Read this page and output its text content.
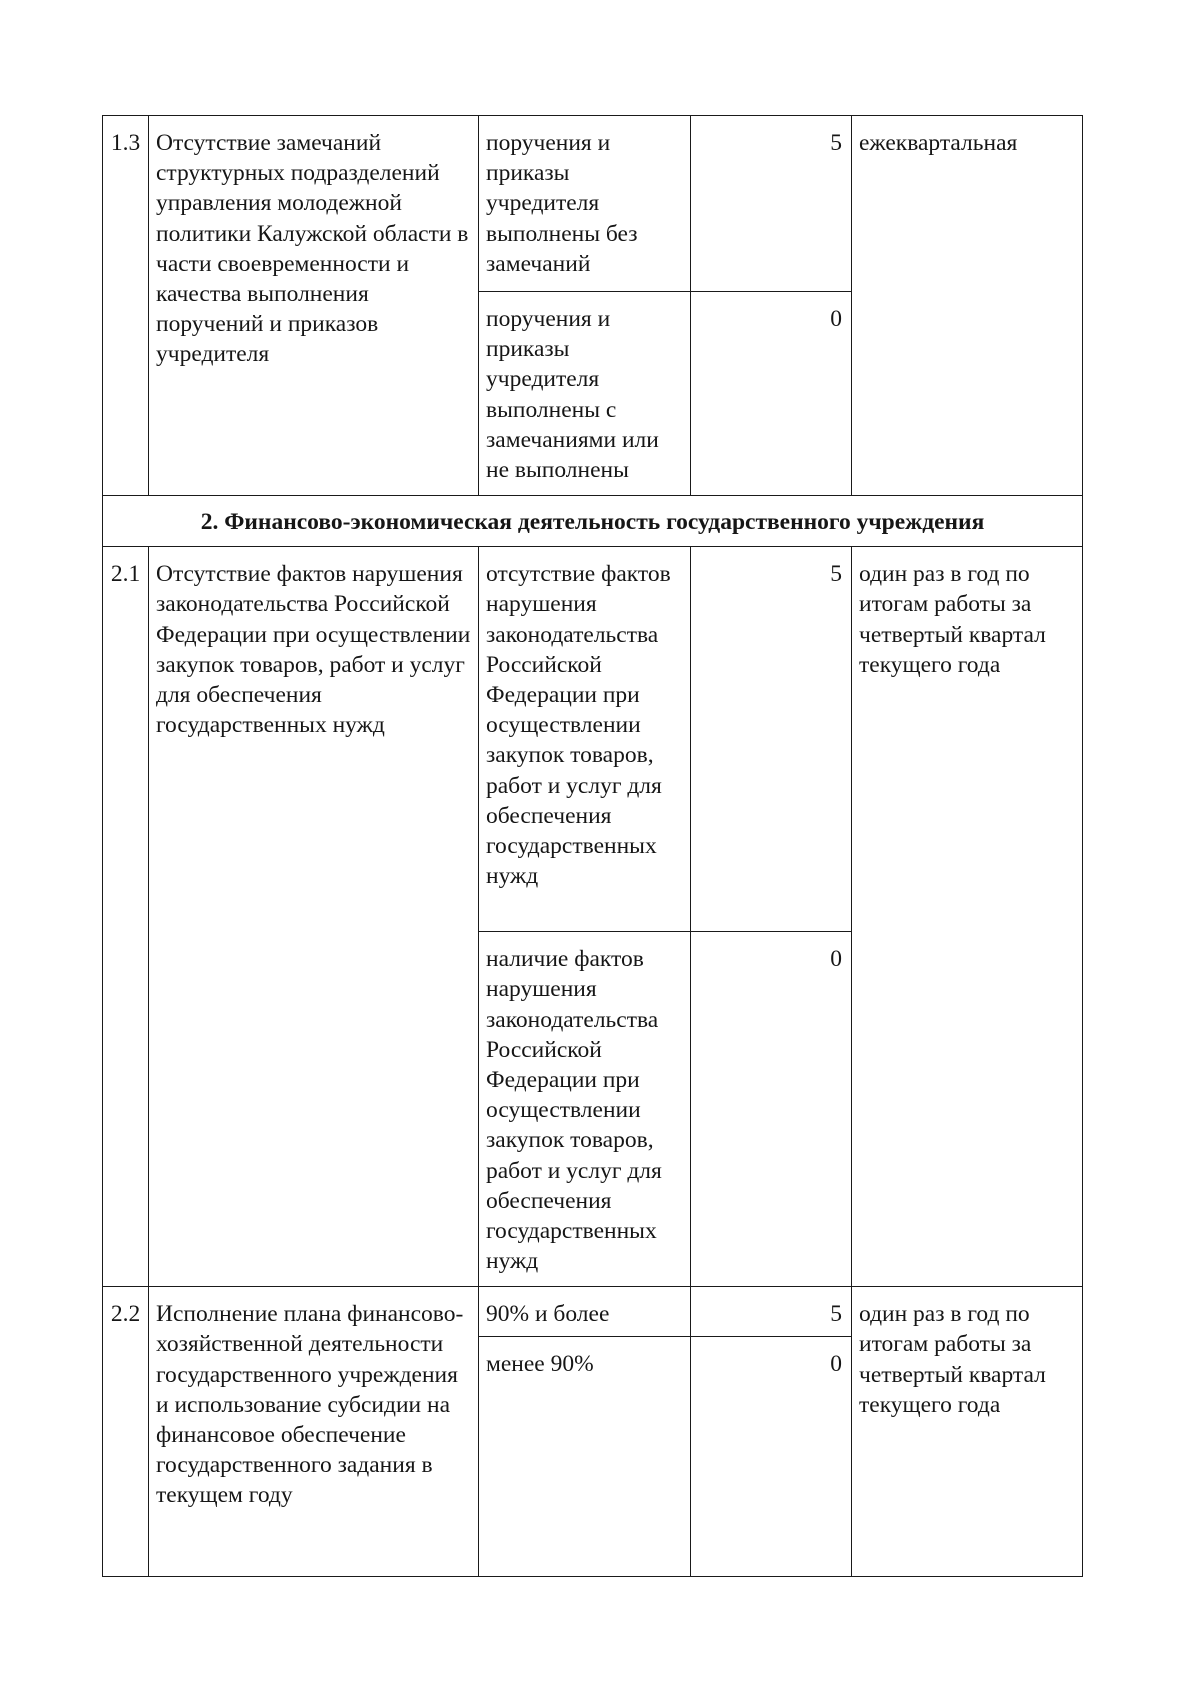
1.3	Отсутствие замечаний структурных подразделений управления молодежной политики Калужской области в части своевременности и качества выполнения поручений и приказов учредителя	поручения и приказы учредителя выполнены без замечаний	5	ежеквартальная
		поручения и приказы учредителя выполнены с замечаниями или не выполнены	0	
2. Финансово-экономическая деятельность государственного учреждения				
2.1	Отсутствие фактов нарушения законодательства Российской Федерации при осуществлении закупок товаров, работ и услуг для обеспечения государственных нужд	отсутствие фактов нарушения законодательства Российской Федерации при осуществлении закупок товаров, работ и услуг для обеспечения государственных нужд	5	один раз в год по итогам работы за четвертый квартал текущего года
		наличие фактов нарушения законодательства Российской Федерации при осуществлении закупок товаров, работ и услуг для обеспечения государственных нужд	0	
2.2	Исполнение плана финансово-хозяйственной деятельности государственного учреждения и использование субсидии на финансовое обеспечение государственного задания в текущем году	90% и более	5	один раз в год по итогам работы за четвертый квартал текущего года
		менее 90%	0	
